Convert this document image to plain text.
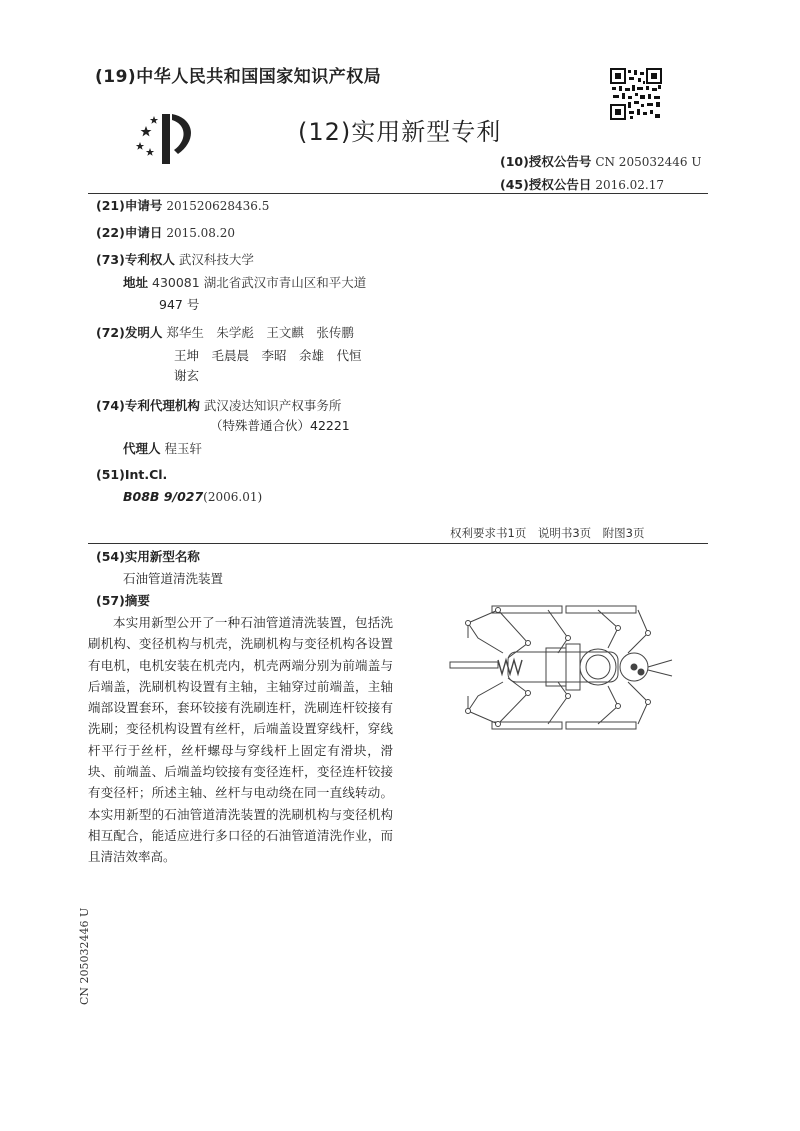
(19)中华人民共和国国家知识产权局
(12)实用新型专利
(10)授权公告号 CN 205032446 U
(45)授权公告日 2016.02.17
(21)申请号 201520628436.5
(22)申请日 2015.08.20
(73)专利权人 武汉科技大学
地址 430081 湖北省武汉市青山区和平大道
947 号
(72)发明人 郑华生　朱学彪　王文麒　张传鹏
王坤　毛晨晨　李昭　余雄　代恒
谢玄
(74)专利代理机构 武汉凌达知识产权事务所
（特殊普通合伙）42221
代理人 程玉轩
(51)Int.Cl.
B08B 9/027(2006.01)
权利要求书1页　说明书3页　附图3页
(54)实用新型名称
石油管道清洗装置
(57)摘要
本实用新型公开了一种石油管道清洗装置，包括洗刷机构、变径机构与机壳，洗刷机构与变径机构各设置有电机，电机安装在机壳内，机壳两端分别为前端盖与后端盖，洗刷机构设置有主轴，主轴穿过前端盖，主轴端部设置套环，套环铰接有洗刷连杆，洗刷连杆铰接有洗刷；变径机构设置有丝杆，后端盖设置穿线杆，穿线杆平行于丝杆，丝杆螺母与穿线杆上固定有滑块，滑块、前端盖、后端盖均铰接有变径连杆，变径连杆铰接有变径杆；所述主轴、丝杆与电动绕在同一直线转动。本实用新型的石油管道清洗装置的洗刷机构与变径机构相互配合，能适应进行多口径的石油管道清洗作业，而且清洁效率高。
CN 205032446 U
